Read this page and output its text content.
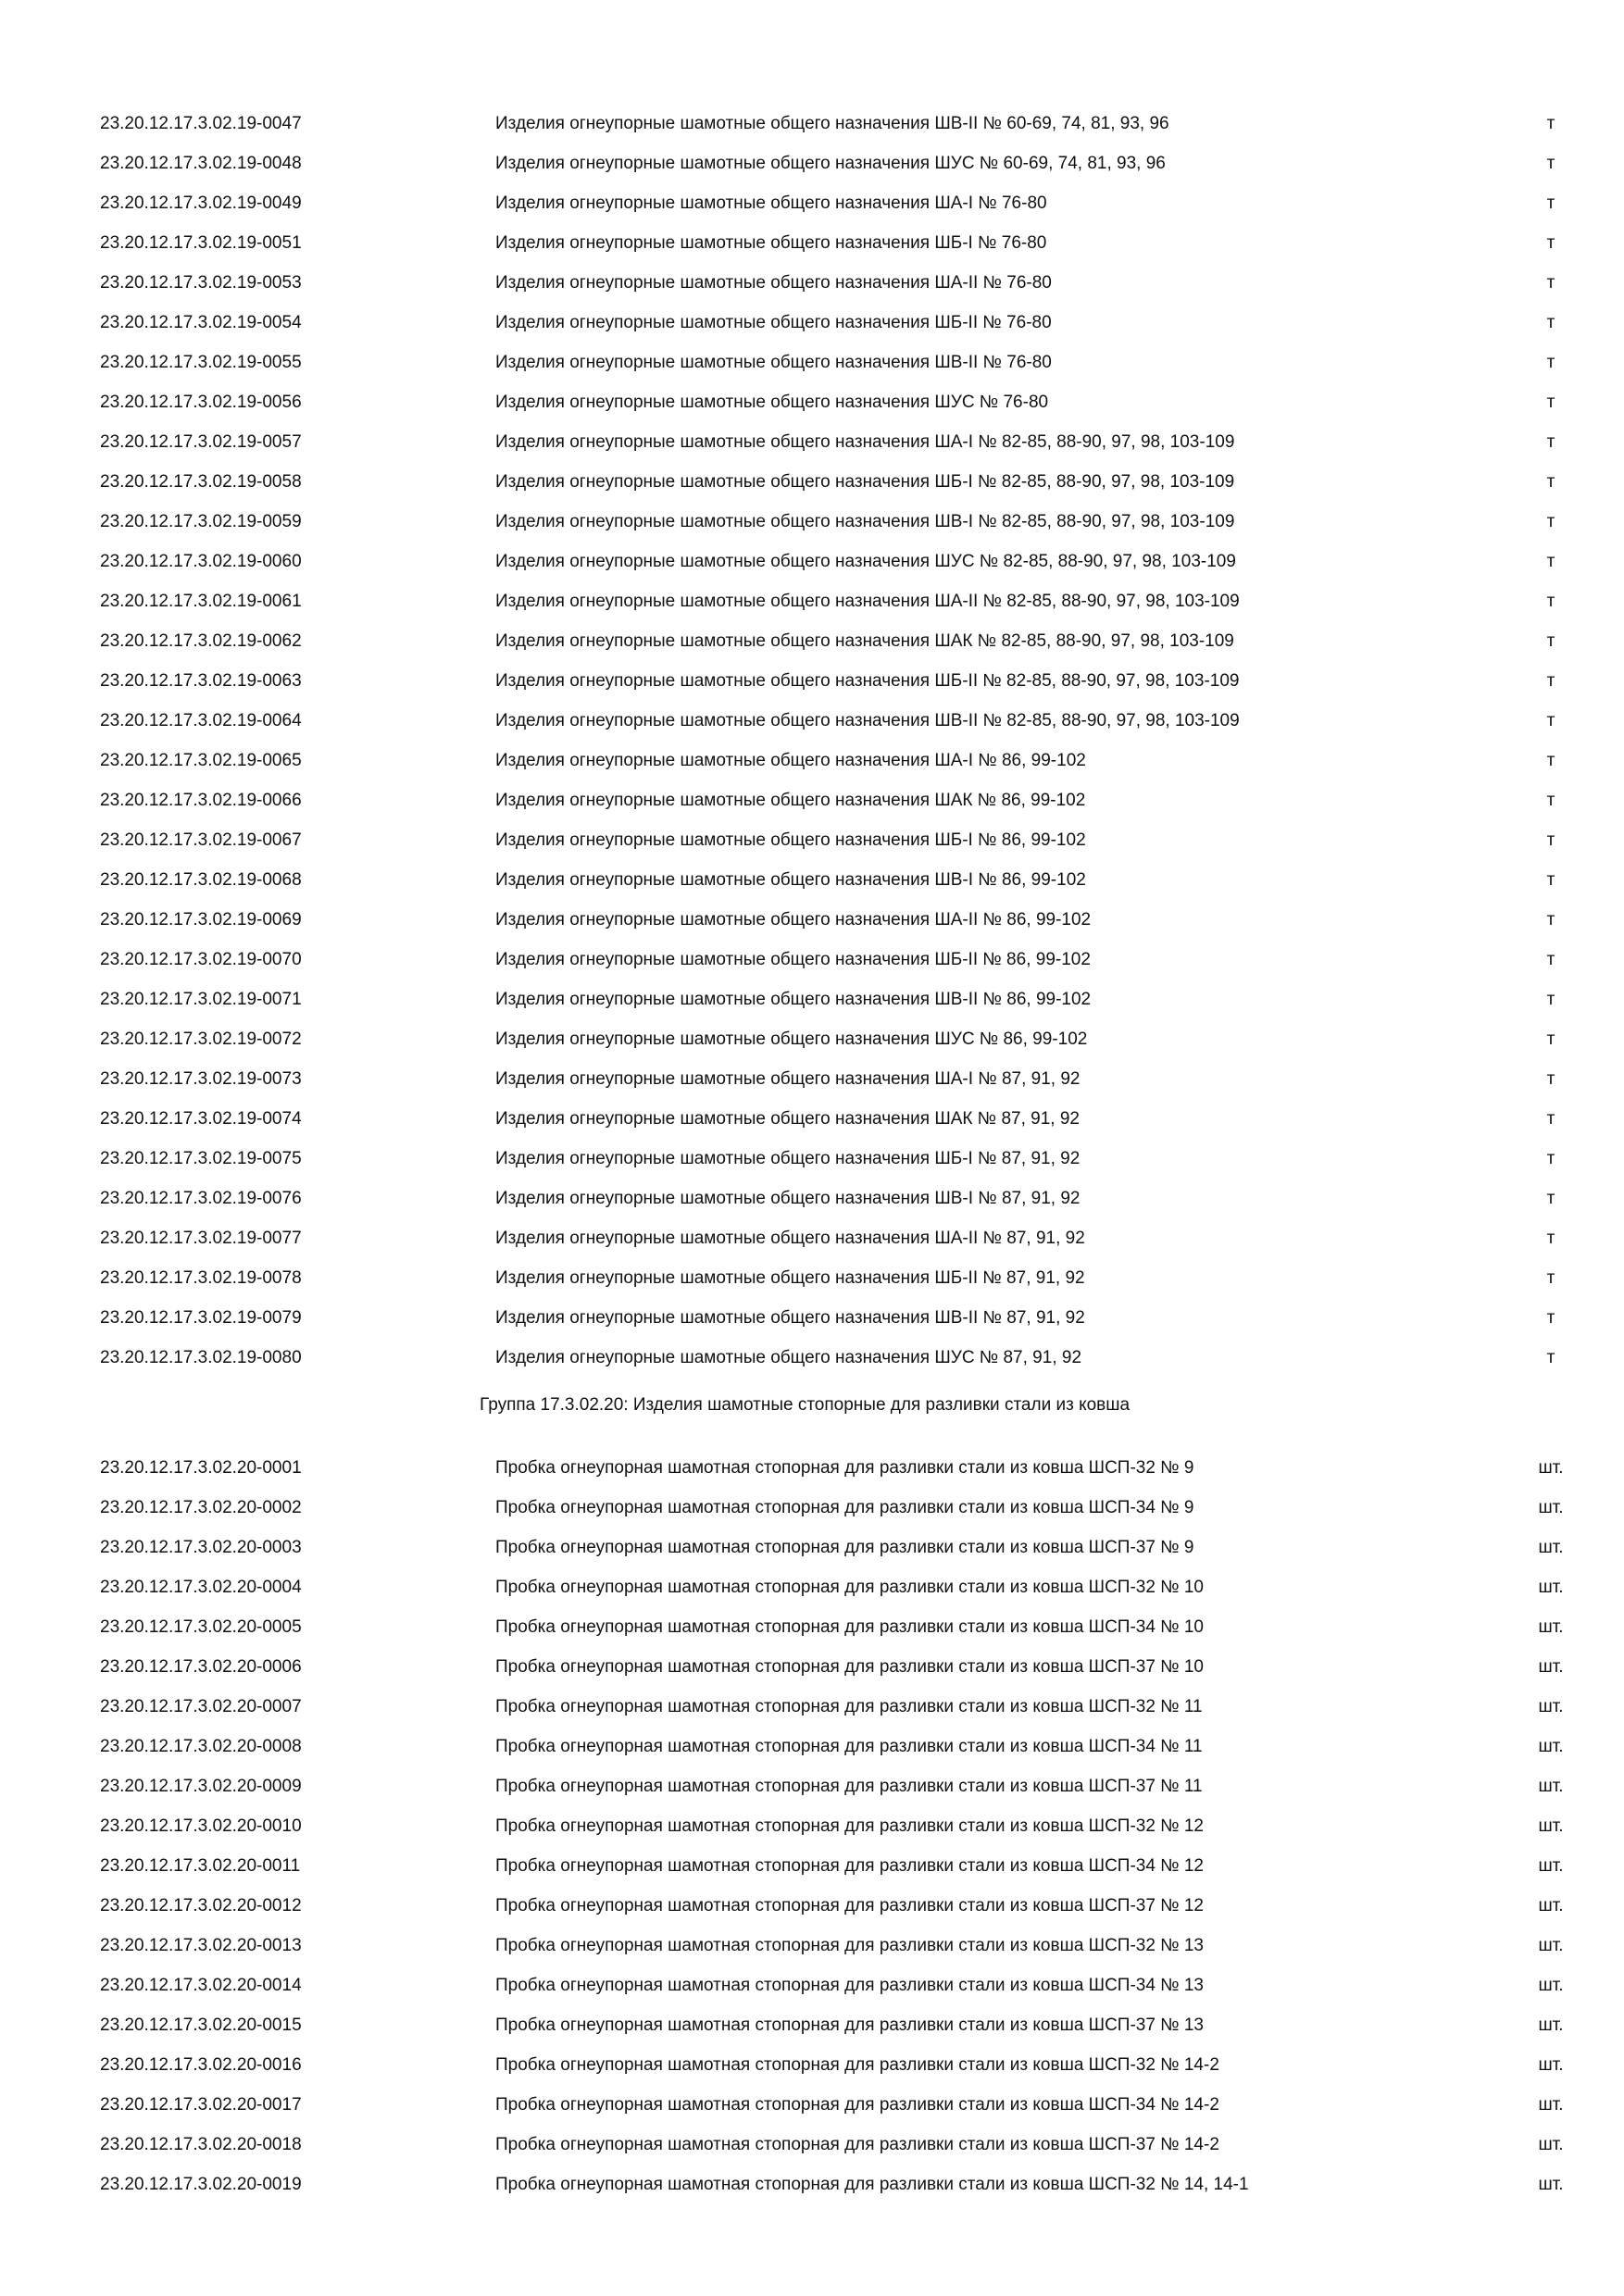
23.20.12.17.3.02.19-0047	Изделия огнеупорные шамотные общего назначения ШВ-II № 60-69, 74, 81, 93, 96	т
23.20.12.17.3.02.19-0048	Изделия огнеупорные шамотные общего назначения ШУС № 60-69, 74, 81, 93, 96	т
23.20.12.17.3.02.19-0049	Изделия огнеупорные шамотные общего назначения ША-I № 76-80	т
23.20.12.17.3.02.19-0051	Изделия огнеупорные шамотные общего назначения ШБ-I № 76-80	т
23.20.12.17.3.02.19-0053	Изделия огнеупорные шамотные общего назначения ША-II № 76-80	т
23.20.12.17.3.02.19-0054	Изделия огнеупорные шамотные общего назначения ШБ-II № 76-80	т
23.20.12.17.3.02.19-0055	Изделия огнеупорные шамотные общего назначения ШВ-II № 76-80	т
23.20.12.17.3.02.19-0056	Изделия огнеупорные шамотные общего назначения ШУС № 76-80	т
23.20.12.17.3.02.19-0057	Изделия огнеупорные шамотные общего назначения ША-I № 82-85, 88-90, 97, 98, 103-109	т
23.20.12.17.3.02.19-0058	Изделия огнеупорные шамотные общего назначения ШБ-I № 82-85, 88-90, 97, 98, 103-109	т
23.20.12.17.3.02.19-0059	Изделия огнеупорные шамотные общего назначения ШВ-I № 82-85, 88-90, 97, 98, 103-109	т
23.20.12.17.3.02.19-0060	Изделия огнеупорные шамотные общего назначения ШУС № 82-85, 88-90, 97, 98, 103-109	т
23.20.12.17.3.02.19-0061	Изделия огнеупорные шамотные общего назначения ША-II № 82-85, 88-90, 97, 98, 103-109	т
23.20.12.17.3.02.19-0062	Изделия огнеупорные шамотные общего назначения ШАК № 82-85, 88-90, 97, 98, 103-109	т
23.20.12.17.3.02.19-0063	Изделия огнеупорные шамотные общего назначения ШБ-II № 82-85, 88-90, 97, 98, 103-109	т
23.20.12.17.3.02.19-0064	Изделия огнеупорные шамотные общего назначения ШВ-II № 82-85, 88-90, 97, 98, 103-109	т
23.20.12.17.3.02.19-0065	Изделия огнеупорные шамотные общего назначения ША-I № 86, 99-102	т
23.20.12.17.3.02.19-0066	Изделия огнеупорные шамотные общего назначения ШАК № 86, 99-102	т
23.20.12.17.3.02.19-0067	Изделия огнеупорные шамотные общего назначения ШБ-I № 86, 99-102	т
23.20.12.17.3.02.19-0068	Изделия огнеупорные шамотные общего назначения ШВ-I № 86, 99-102	т
23.20.12.17.3.02.19-0069	Изделия огнеупорные шамотные общего назначения ША-II № 86, 99-102	т
23.20.12.17.3.02.19-0070	Изделия огнеупорные шамотные общего назначения ШБ-II № 86, 99-102	т
23.20.12.17.3.02.19-0071	Изделия огнеупорные шамотные общего назначения ШВ-II № 86, 99-102	т
23.20.12.17.3.02.19-0072	Изделия огнеупорные шамотные общего назначения ШУС № 86, 99-102	т
23.20.12.17.3.02.19-0073	Изделия огнеупорные шамотные общего назначения ША-I № 87, 91, 92	т
23.20.12.17.3.02.19-0074	Изделия огнеупорные шамотные общего назначения ШАК № 87, 91, 92	т
23.20.12.17.3.02.19-0075	Изделия огнеупорные шамотные общего назначения ШБ-I № 87, 91, 92	т
23.20.12.17.3.02.19-0076	Изделия огнеупорные шамотные общего назначения ШВ-I № 87, 91, 92	т
23.20.12.17.3.02.19-0077	Изделия огнеупорные шамотные общего назначения ША-II № 87, 91, 92	т
23.20.12.17.3.02.19-0078	Изделия огнеупорные шамотные общего назначения ШБ-II № 87, 91, 92	т
23.20.12.17.3.02.19-0079	Изделия огнеупорные шамотные общего назначения ШВ-II № 87, 91, 92	т
23.20.12.17.3.02.19-0080	Изделия огнеупорные шамотные общего назначения ШУС № 87, 91, 92	т
Группа 17.3.02.20: Изделия шамотные стопорные для разливки стали из ковша
23.20.12.17.3.02.20-0001	Пробка огнеупорная шамотная стопорная для разливки стали из ковша ШСП-32 № 9	шт.
23.20.12.17.3.02.20-0002	Пробка огнеупорная шамотная стопорная для разливки стали из ковша ШСП-34 № 9	шт.
23.20.12.17.3.02.20-0003	Пробка огнеупорная шамотная стопорная для разливки стали из ковша ШСП-37 № 9	шт.
23.20.12.17.3.02.20-0004	Пробка огнеупорная шамотная стопорная для разливки стали из ковша ШСП-32 № 10	шт.
23.20.12.17.3.02.20-0005	Пробка огнеупорная шамотная стопорная для разливки стали из ковша ШСП-34 № 10	шт.
23.20.12.17.3.02.20-0006	Пробка огнеупорная шамотная стопорная для разливки стали из ковша ШСП-37 № 10	шт.
23.20.12.17.3.02.20-0007	Пробка огнеупорная шамотная стопорная для разливки стали из ковша ШСП-32 № 11	шт.
23.20.12.17.3.02.20-0008	Пробка огнеупорная шамотная стопорная для разливки стали из ковша ШСП-34 № 11	шт.
23.20.12.17.3.02.20-0009	Пробка огнеупорная шамотная стопорная для разливки стали из ковша ШСП-37 № 11	шт.
23.20.12.17.3.02.20-0010	Пробка огнеупорная шамотная стопорная для разливки стали из ковша ШСП-32 № 12	шт.
23.20.12.17.3.02.20-0011	Пробка огнеупорная шамотная стопорная для разливки стали из ковша ШСП-34 № 12	шт.
23.20.12.17.3.02.20-0012	Пробка огнеупорная шамотная стопорная для разливки стали из ковша ШСП-37 № 12	шт.
23.20.12.17.3.02.20-0013	Пробка огнеупорная шамотная стопорная для разливки стали из ковша ШСП-32 № 13	шт.
23.20.12.17.3.02.20-0014	Пробка огнеупорная шамотная стопорная для разливки стали из ковша ШСП-34 № 13	шт.
23.20.12.17.3.02.20-0015	Пробка огнеупорная шамотная стопорная для разливки стали из ковша ШСП-37 № 13	шт.
23.20.12.17.3.02.20-0016	Пробка огнеупорная шамотная стопорная для разливки стали из ковша ШСП-32 № 14-2	шт.
23.20.12.17.3.02.20-0017	Пробка огнеупорная шамотная стопорная для разливки стали из ковша ШСП-34 № 14-2	шт.
23.20.12.17.3.02.20-0018	Пробка огнеупорная шамотная стопорная для разливки стали из ковша ШСП-37 № 14-2	шт.
23.20.12.17.3.02.20-0019	Пробка огнеупорная шамотная стопорная для разливки стали из ковша ШСП-32 № 14, 14-1	шт.
